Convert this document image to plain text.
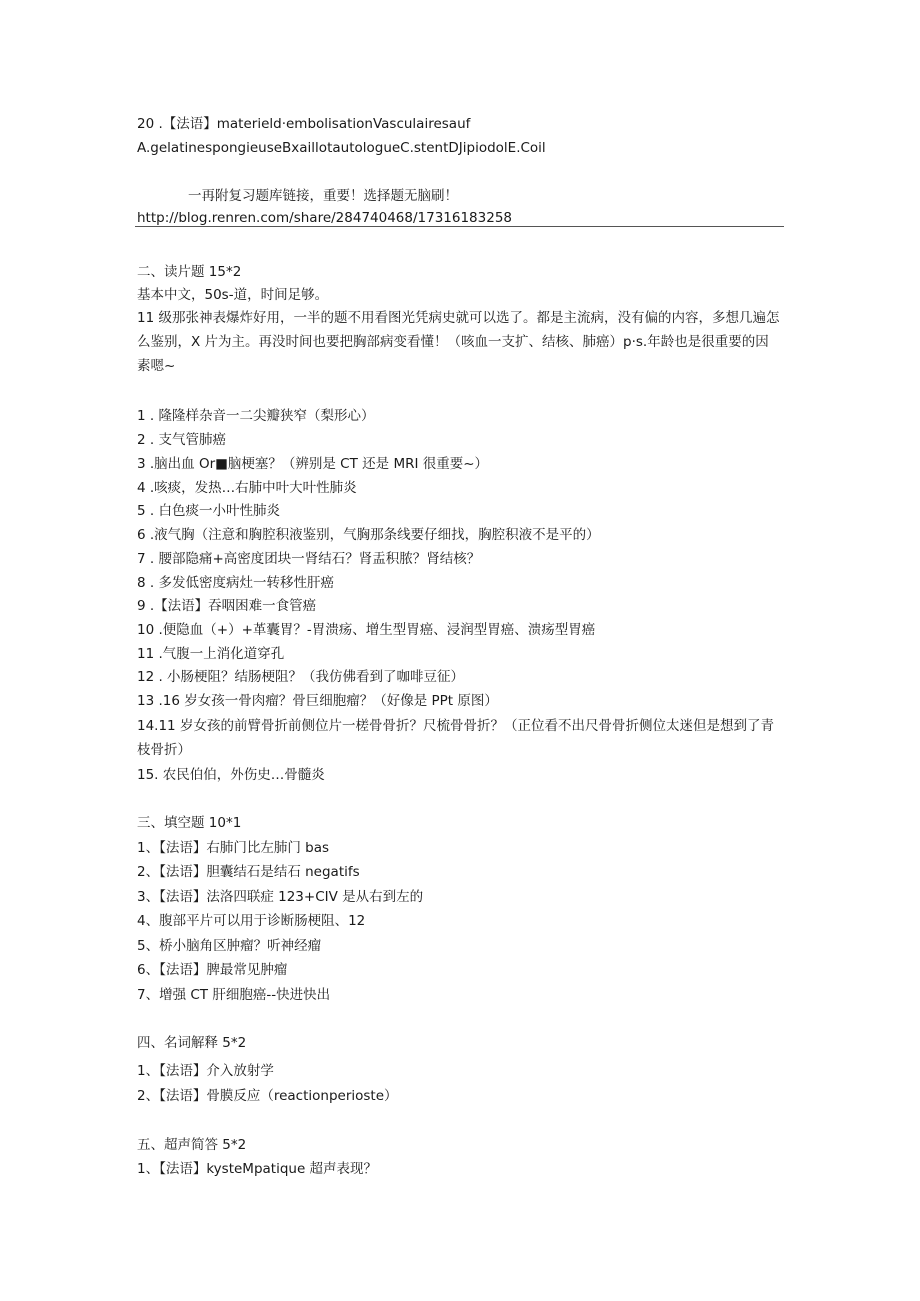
20 .【法语】materield·embolisationVasculairesauf
A.gelatinespongieuseBxaillotautologueC.stentDJipiodolE.Coil
一再附复习题库链接，重要！选择题无脑刷！
http://blog.renren.com/share/284740468/17316183258
二、读片题 15*2
基本中文，50s-道，时间足够。
11 级那张神表爆炸好用，一半的题不用看图光凭病史就可以选了。都是主流病，没有偏的内容，多想几遍怎么鉴别，X 片为主。再没时间也要把胸部病变看懂！（咳血一支扩、结核、肺癌）p·s.年龄也是很重要的因素嗯~
1 . 隆隆样杂音一二尖瓣狭窄（梨形心）
2 . 支气管肺癌
3 .脑出血 Or■脑梗塞？（辨别是 CT 还是 MRI 很重要~）
4 .咳痰，发热…右肺中叶大叶性肺炎
5 . 白色痰一小叶性肺炎
6 .液气胸（注意和胸腔积液鉴别，气胸那条线要仔细找，胸腔积液不是平的）
7 . 腰部隐痛+高密度团块一肾结石？肾盂积脓？肾结核？
8 . 多发低密度病灶一转移性肝癌
9 .【法语】吞咽困难一食管癌
10 .便隐血（+）+革囊胃？-胃溃疡、增生型胃癌、浸润型胃癌、溃疡型胃癌
11 .气腹一上消化道穿孔
12 . 小肠梗阻？结肠梗阻？（我仿佛看到了咖啡豆征）
13 .16 岁女孩一骨肉瘤？骨巨细胞瘤？（好像是 PPt 原图）
14.11 岁女孩的前臂骨折前侧位片一槎骨骨折？尺梳骨骨折？（正位看不出尺骨骨折侧位太迷但是想到了青枝骨折）
15. 农民伯伯，外伤史…骨髓炎
三、填空题 10*1
1、【法语】右肺门比左肺门 bas
2、【法语】胆囊结石是结石 negatifs
3、【法语】法洛四联症 123+CIV 是从右到左的
4、腹部平片可以用于诊断肠梗阻、12
5、桥小脑角区肿瘤？听神经瘤
6、【法语】脾最常见肿瘤
7、增强 CT 肝细胞癌--快进快出
四、名词解释 5*2
1、【法语】介入放射学
2、【法语】骨膜反应（reactionperioste）
五、超声简答 5*2
1、【法语】kysteMpatique 超声表现？
